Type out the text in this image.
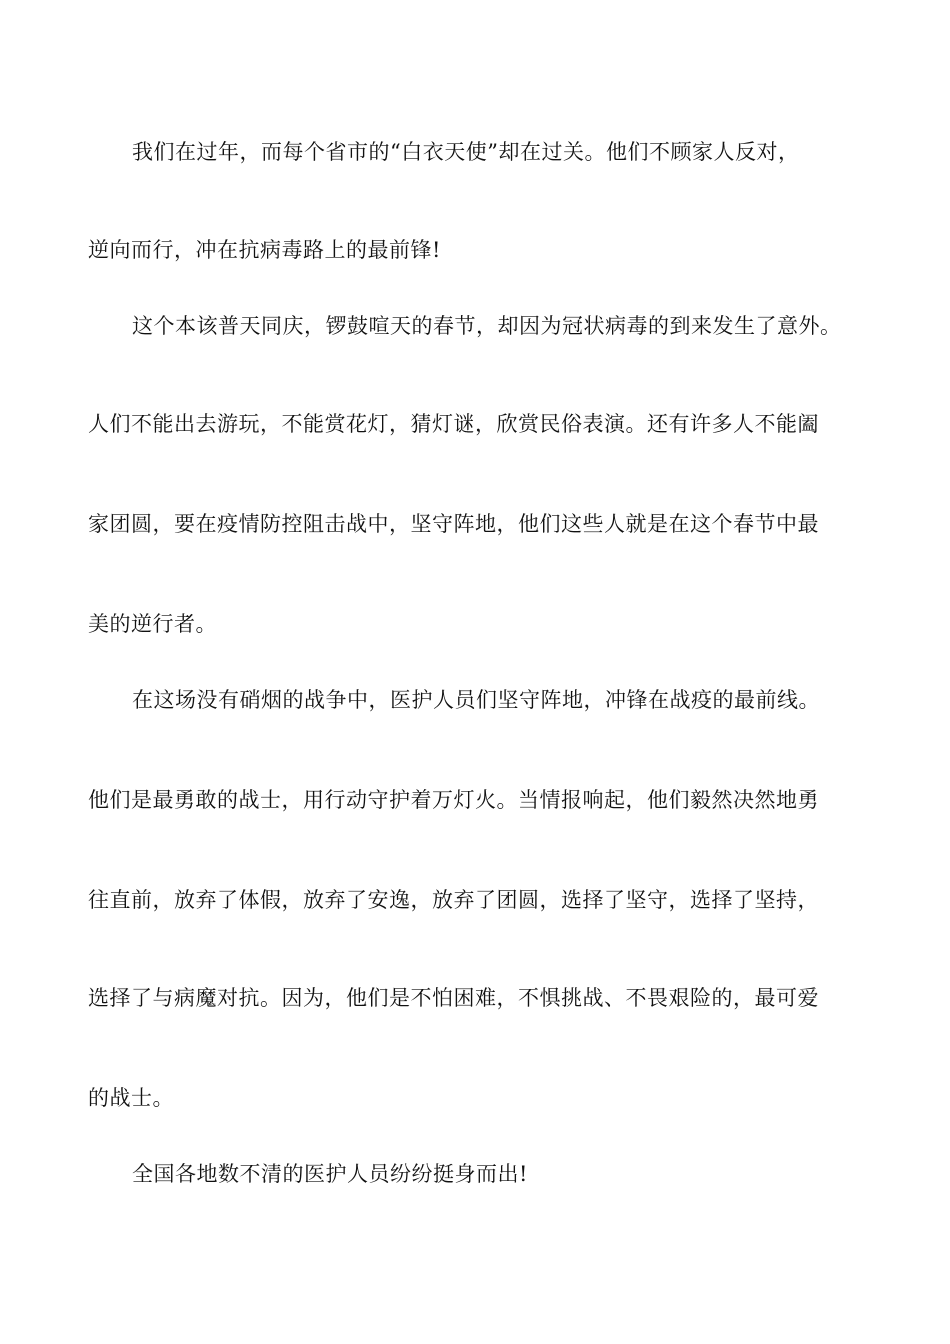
我们在过年，而每个省市的“白衣天使”却在过关。他们不顾家人反对，
逆向而行，冲在抗病毒路上的最前锋!
这个本该普天同庆，锣鼓喧天的春节，却因为冠状病毒的到来发生了意外。
人们不能出去游玩，不能赏花灯，猜灯谜，欣赏民俗表演。还有许多人不能阖
家团圆，要在疫情防控阻击战中，坚守阵地，他们这些人就是在这个春节中最
美的逆行者。
在这场没有硝烟的战争中，医护人员们坚守阵地，冲锋在战疫的最前线。
他们是最勇敢的战士，用行动守护着万灯火。当情报响起，他们毅然决然地勇
往直前，放弃了体假，放弃了安逸，放弃了团圆，选择了坚守，选择了坚持，
选择了与病魔对抗。因为，他们是不怕困难，不惧挑战、不畏艰险的，最可爱
的战士。
全国各地数不清的医护人员纷纷挺身而出!
